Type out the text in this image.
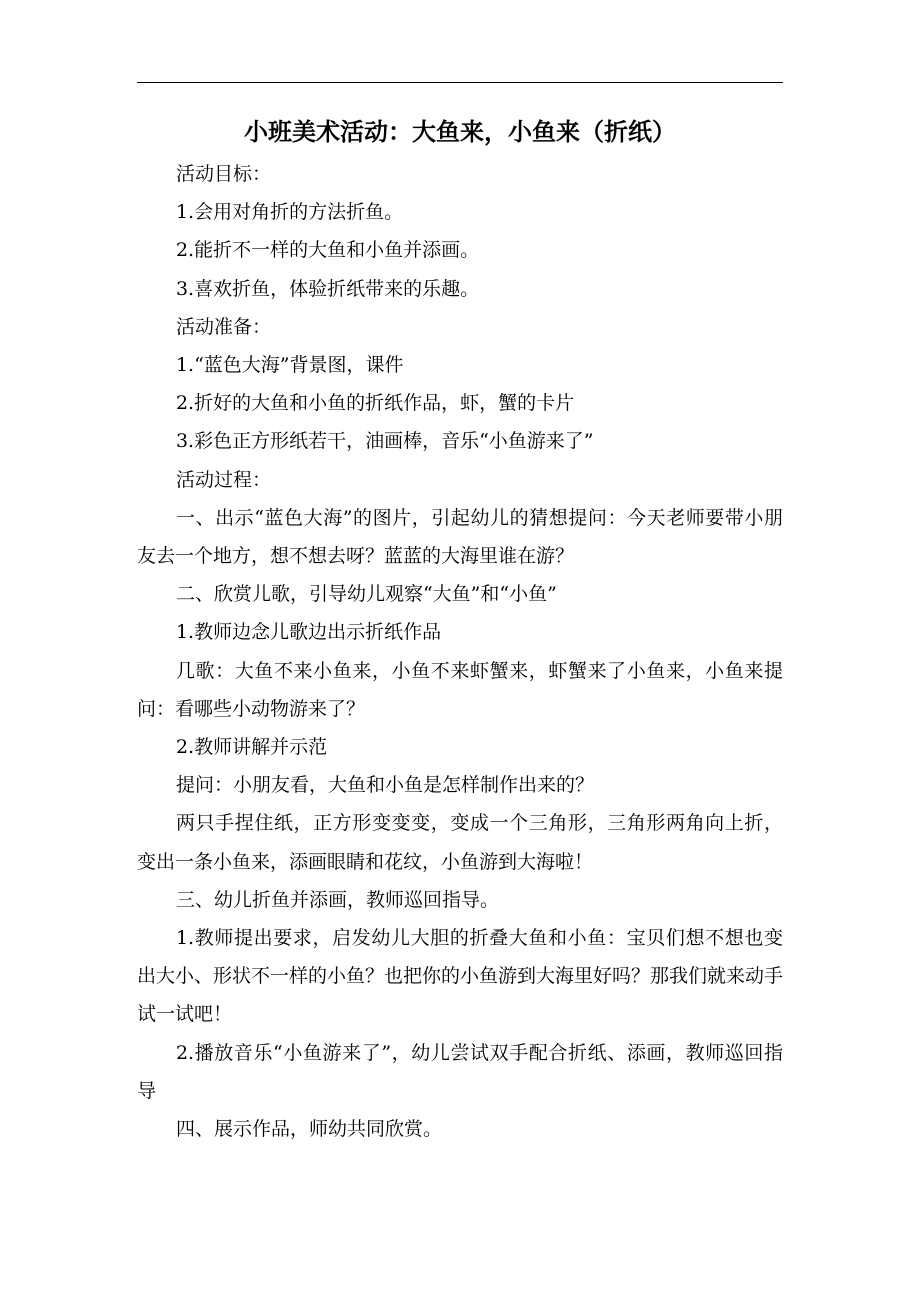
小班美术活动：大鱼来，小鱼来（折纸）

活动目标：

1.会用对角折的方法折鱼。

2.能折不一样的大鱼和小鱼并添画。

3.喜欢折鱼，体验折纸带来的乐趣。

活动准备：

1.“蓝色大海”背景图，课件

2.折好的大鱼和小鱼的折纸作品，虾，蟹的卡片

3.彩色正方形纸若干，油画棒，音乐“小鱼游来了”

活动过程：

一、出示“蓝色大海”的图片，引起幼儿的猜想提问：今天老师要带小朋友去一个地方，想不想去呀？蓝蓝的大海里谁在游？

二、欣赏儿歌，引导幼儿观察“大鱼”和“小鱼”

1.教师边念儿歌边出示折纸作品

几歌：大鱼不来小鱼来，小鱼不来虾蟹来，虾蟹来了小鱼来，小鱼来提问：看哪些小动物游来了？

2.教师讲解并示范

提问：小朋友看，大鱼和小鱼是怎样制作出来的？

两只手捏住纸，正方形变变变，变成一个三角形，三角形两角向上折，变出一条小鱼来，添画眼睛和花纹，小鱼游到大海啦！

三、幼儿折鱼并添画，教师巡回指导。

1.教师提出要求，启发幼儿大胆的折叠大鱼和小鱼：宝贝们想不想也变出大小、形状不一样的小鱼？也把你的小鱼游到大海里好吗？那我们就来动手试一试吧！

2.播放音乐“小鱼游来了”，幼儿尝试双手配合折纸、添画，教师巡回指导

四、展示作品，师幼共同欣赏。
